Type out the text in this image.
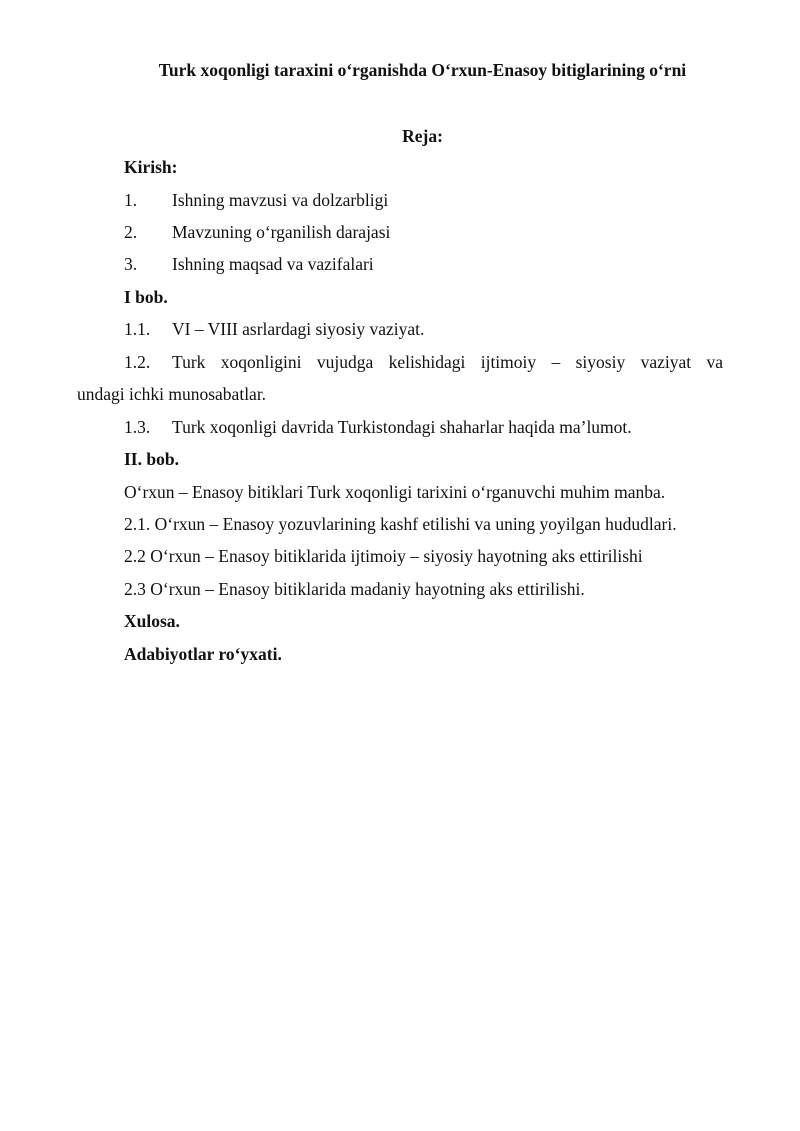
Turk xoqonligi taraxini oʻrganishda Oʻrxun-Enasoy bitiglarining oʻrni
Reja:
Kirish:
1. Ishning mavzusi va dolzarbligi
2. Mavzuning oʻrganilish darajasi
3. Ishning maqsad va vazifalari
I bob.
1.1. VI – VIII asrlardagi siyosiy vaziyat.
1.2. Turk xoqonligini vujudga kelishidagi ijtimoiy – siyosiy vaziyat va
undagi ichki munosabatlar.
1.3. Turk xoqonligi davrida Turkistondagi shaharlar haqida maʼlumot.
II. bob.
Oʻrxun – Enasoy bitiklari Turk xoqonligi tarixini oʻrganuvchi muhim manba.
2.1. Oʻrxun – Enasoy yozuvlarining kashf etilishi va uning yoyilgan hududlari.
2.2 Oʻrxun – Enasoy bitiklarida ijtimoiy – siyosiy hayotning aks ettirilishi
2.3 Oʻrxun – Enasoy bitiklarida madaniy hayotning aks ettirilishi.
Xulosa.
Adabiyotlar roʻyxati.
